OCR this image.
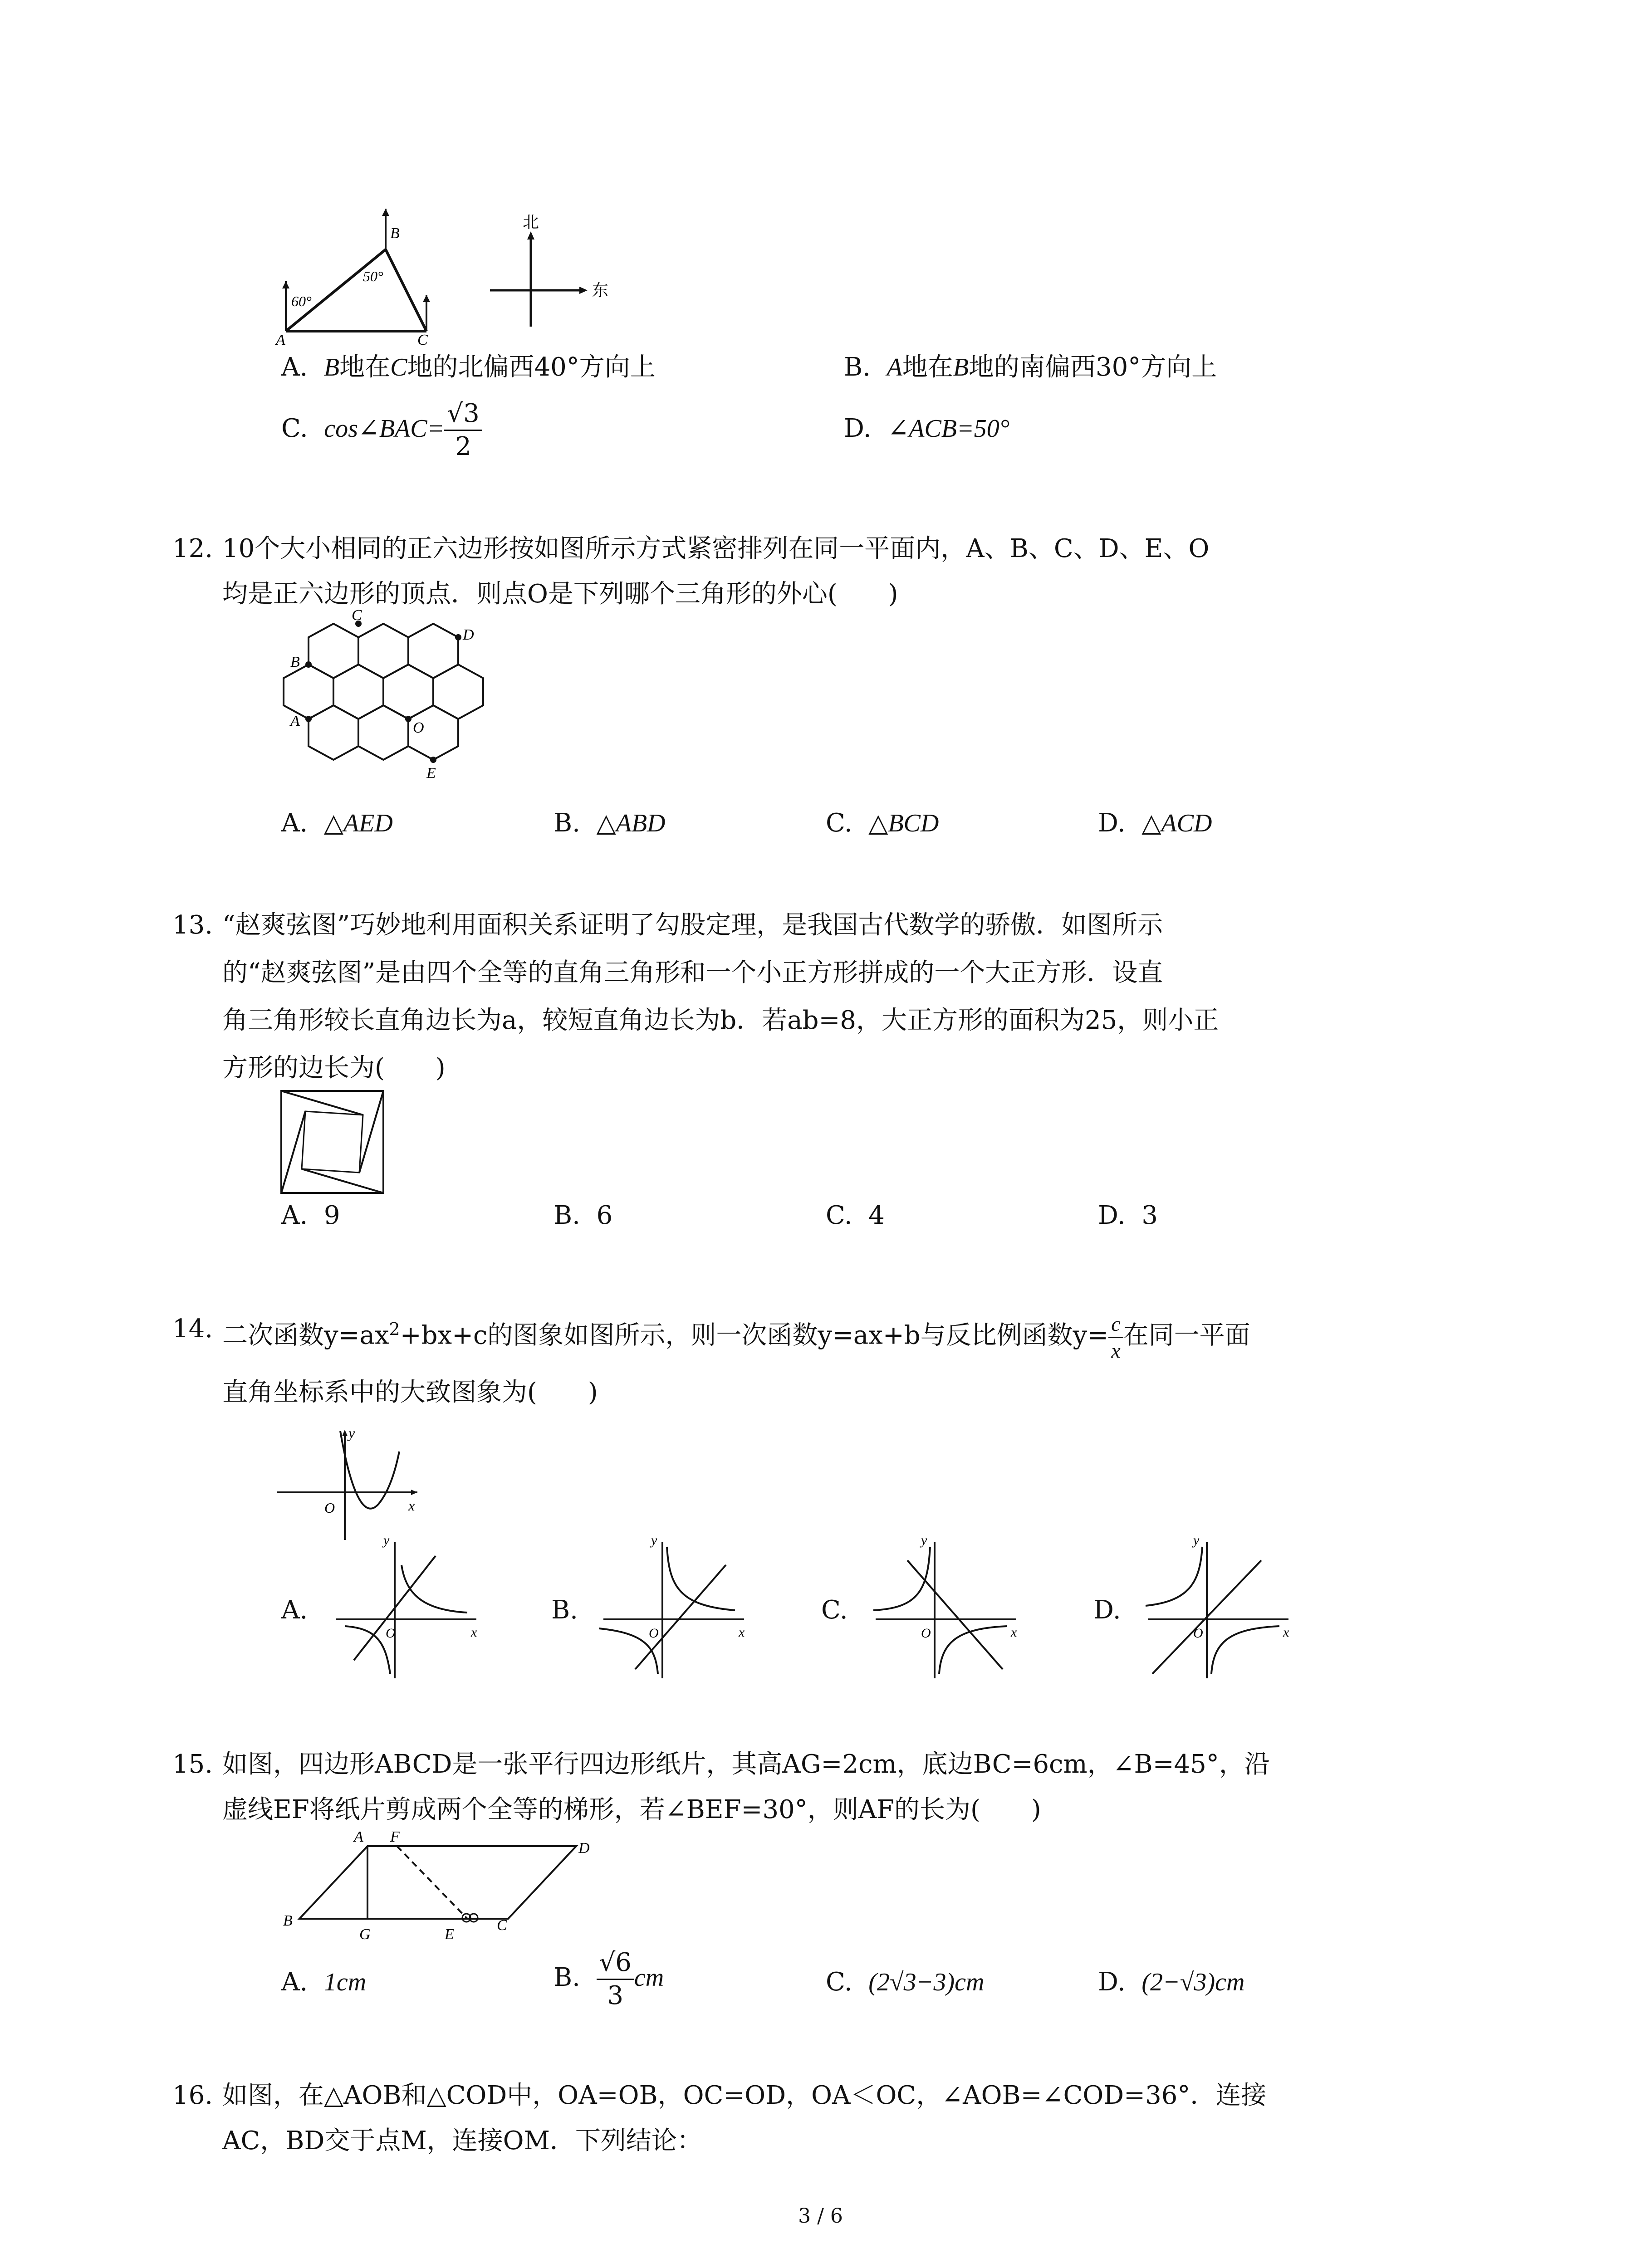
A
B
C
60°
50°
北
东
A. B地在C地的北偏西40°方向上	B. A地在B地的南偏西30°方向上
C. cos∠BAC= $\frac{√3}{2}$	D. ∠ACB=50°
12. 10个大小相同的正六边形按如图所示方式紧密排列在同一平面内，A、B、C、D、E、O
均是正六边形的顶点．则点O是下列哪个三角形的外心(　　)
B
C
D
A	O
E
A. △AED	B. △ABD	C. △BCD	D. △ACD
13. “赵爽弦图”巧妙地利用面积关系证明了勾股定理，是我国古代数学的骄傲．如图所示
的“赵爽弦图”是由四个全等的直角三角形和一个小正方形拼成的一个大正方形．设直
角三角形较长直角边长为a，较短直角边长为b．若ab=8，大正方形的面积为25，则小正
方形的边长为(　　)
A. 9	B. 6	C. 4	D. 3
14. 二次函数$y=ax^2+bx+c$的图象如图所示，则一次函数y=ax+b与反比例函数$y= \frac{c}{x}$ 在同一平面
直角坐标系中的大致图象为(　　)
y
x
O
A.
y
x
O
B.
y
x
O
C.
y
x
O
D.
y
x
O
15. 如图，四边形ABCD是一张平行四边形纸片，其高AG=2cm，底边BC=6cm，∠B=45°，沿
虚线EF将纸片剪成两个全等的梯形，若∠BEF=30°，则AF的长为(　　)
A F
D
B
G	E
C
A. 1cm	B. $\frac{√6}{3}$ cm	C. (2√3−3)cm	D. (2−√3)cm
16. 如图，在△AOB和△COD中，OA=OB，OC=OD，OA＜OC，∠AOB=∠COD=36°．连接
AC，BD交于点M，连接OM．下列结论：
3 / 6
